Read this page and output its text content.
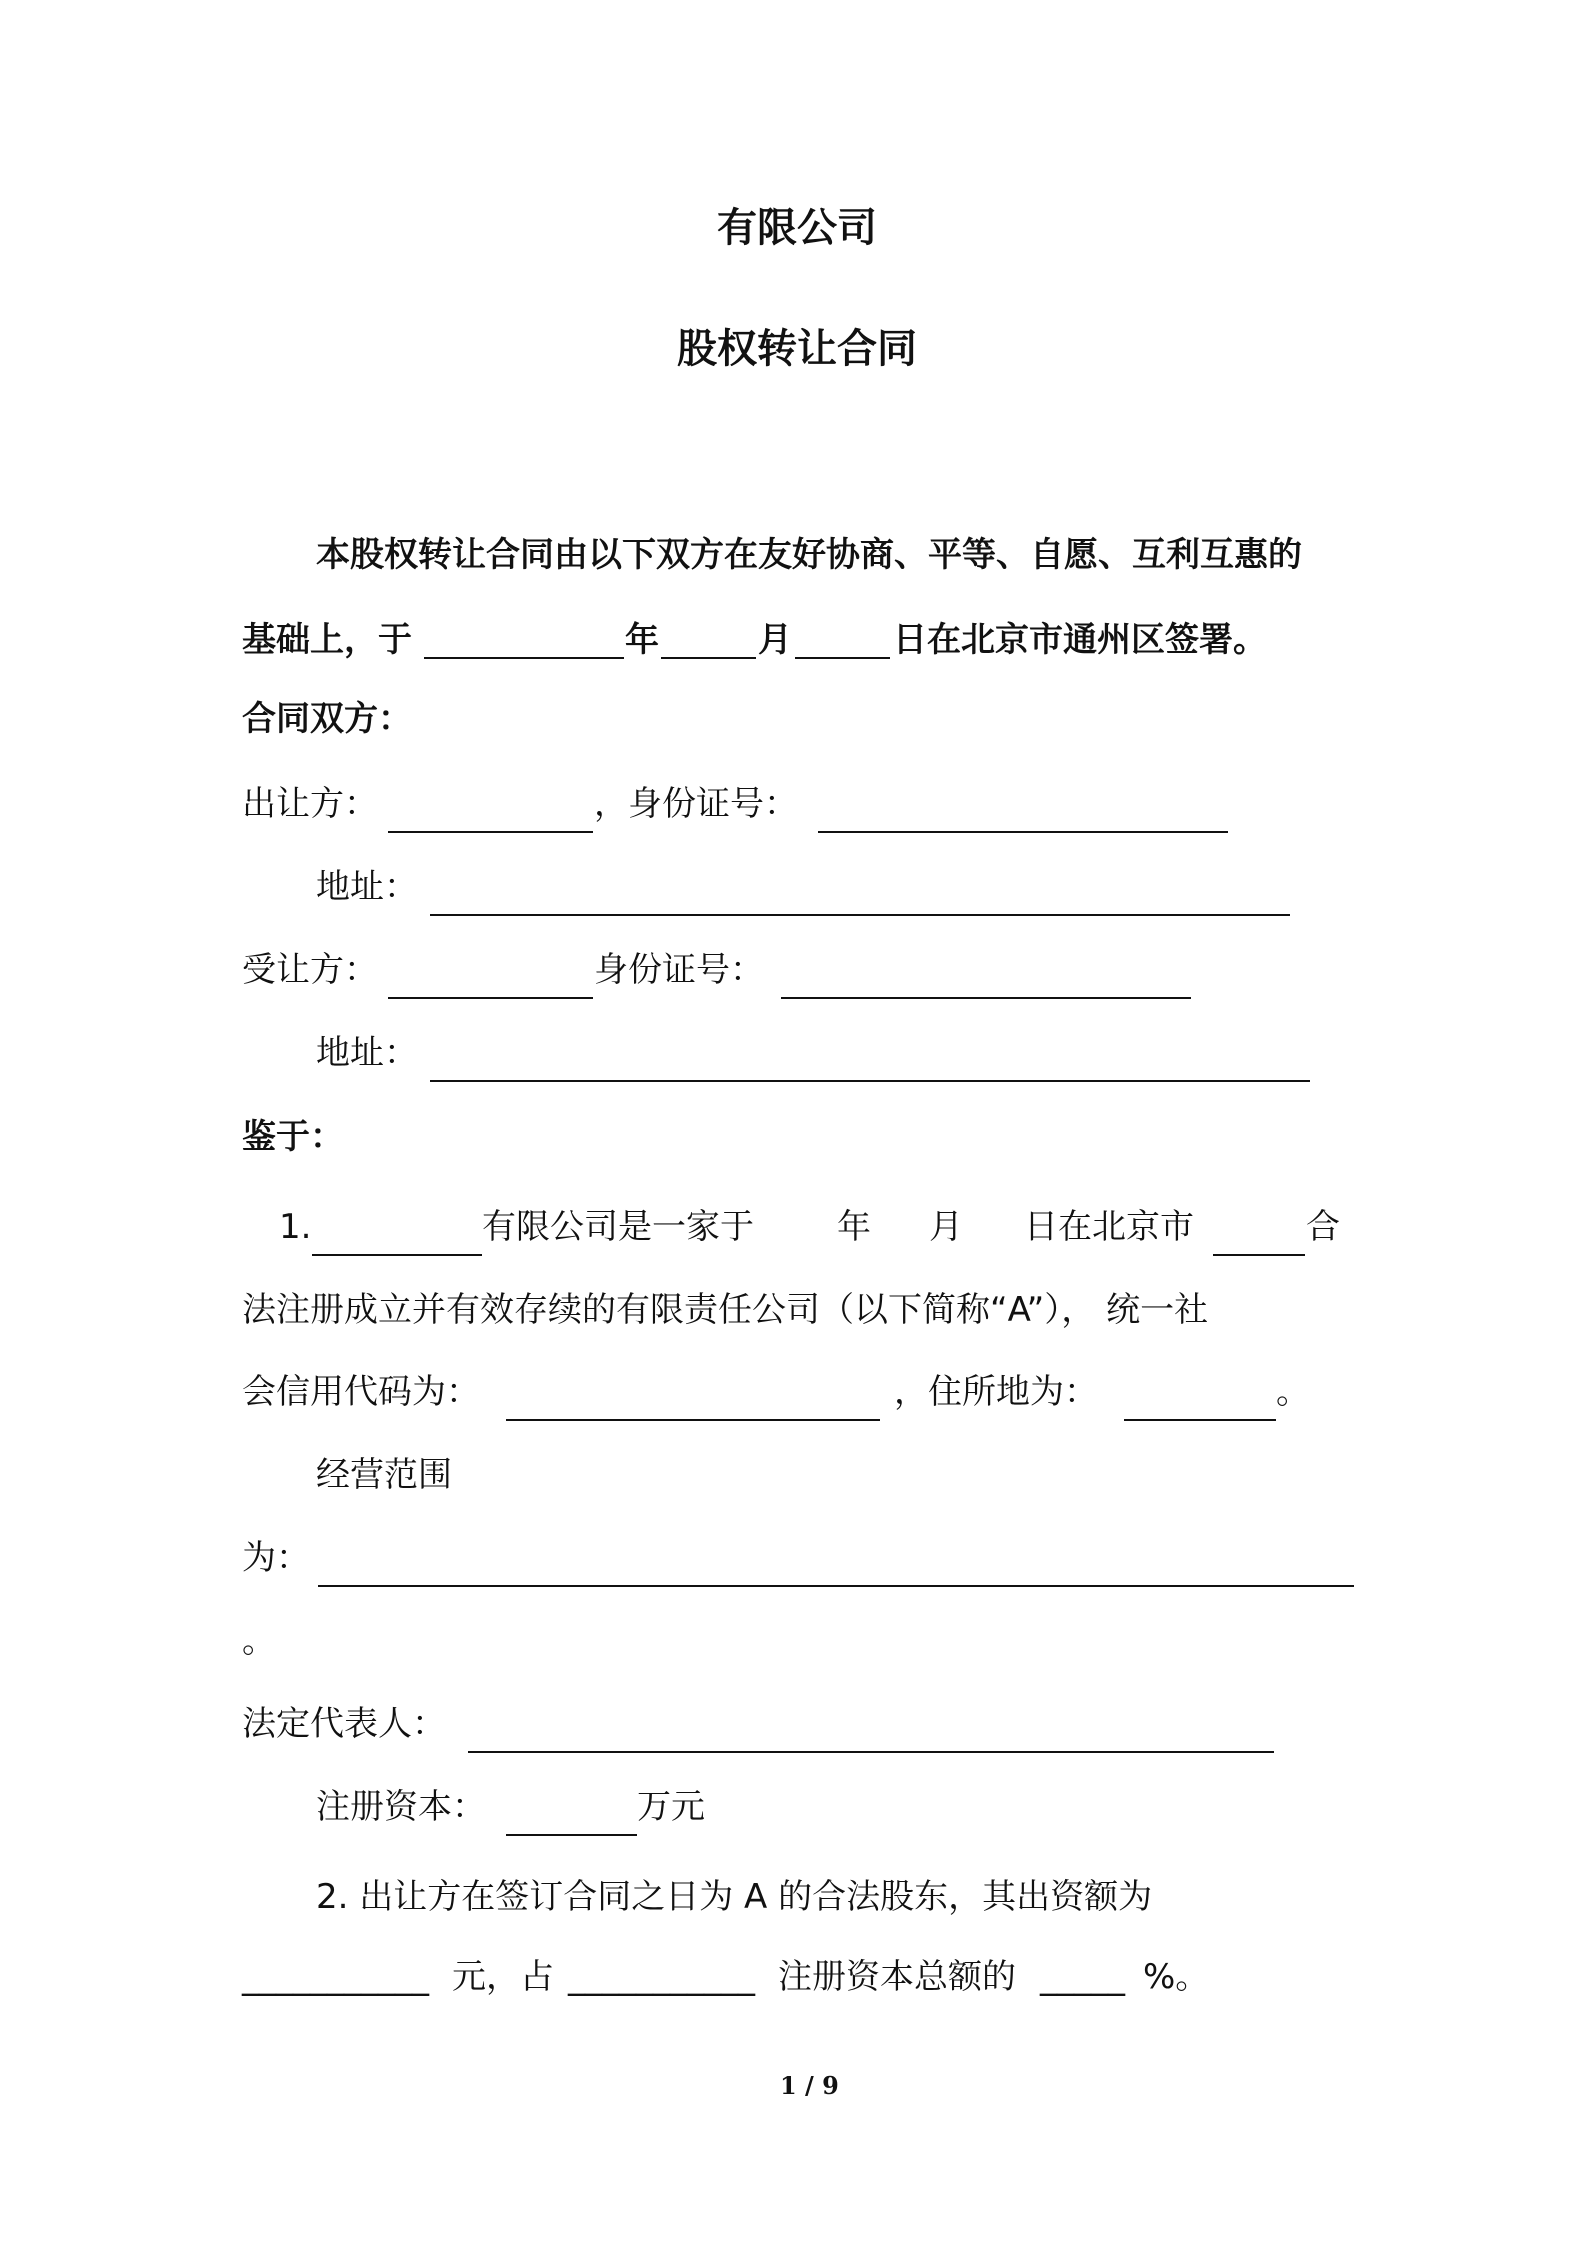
有限公司
股权转让合同
本股权转让合同由以下双方在友好协商、平等、自愿、互利互惠的
基础上，于	年	月	日在北京市通州区签署。
合同双方：
出让方：	，身份证号：
地址：
受让方：	身份证号：
地址：
鉴于：
1.	有限公司是一家于 年 月 日在北京市	合
法注册成立并有效存续的有限责任公司（以下简称“A”）， 统一社
会信用代码为：	，住所地为：	。
经营范围
为：
。
法定代表人：
注册资本：	万元
2. 出让方在签订合同之日为 A 的合法股东，其出资额为
___________ 元，占 ___________ 注册资本总额的 _____ %。
1 / 9
